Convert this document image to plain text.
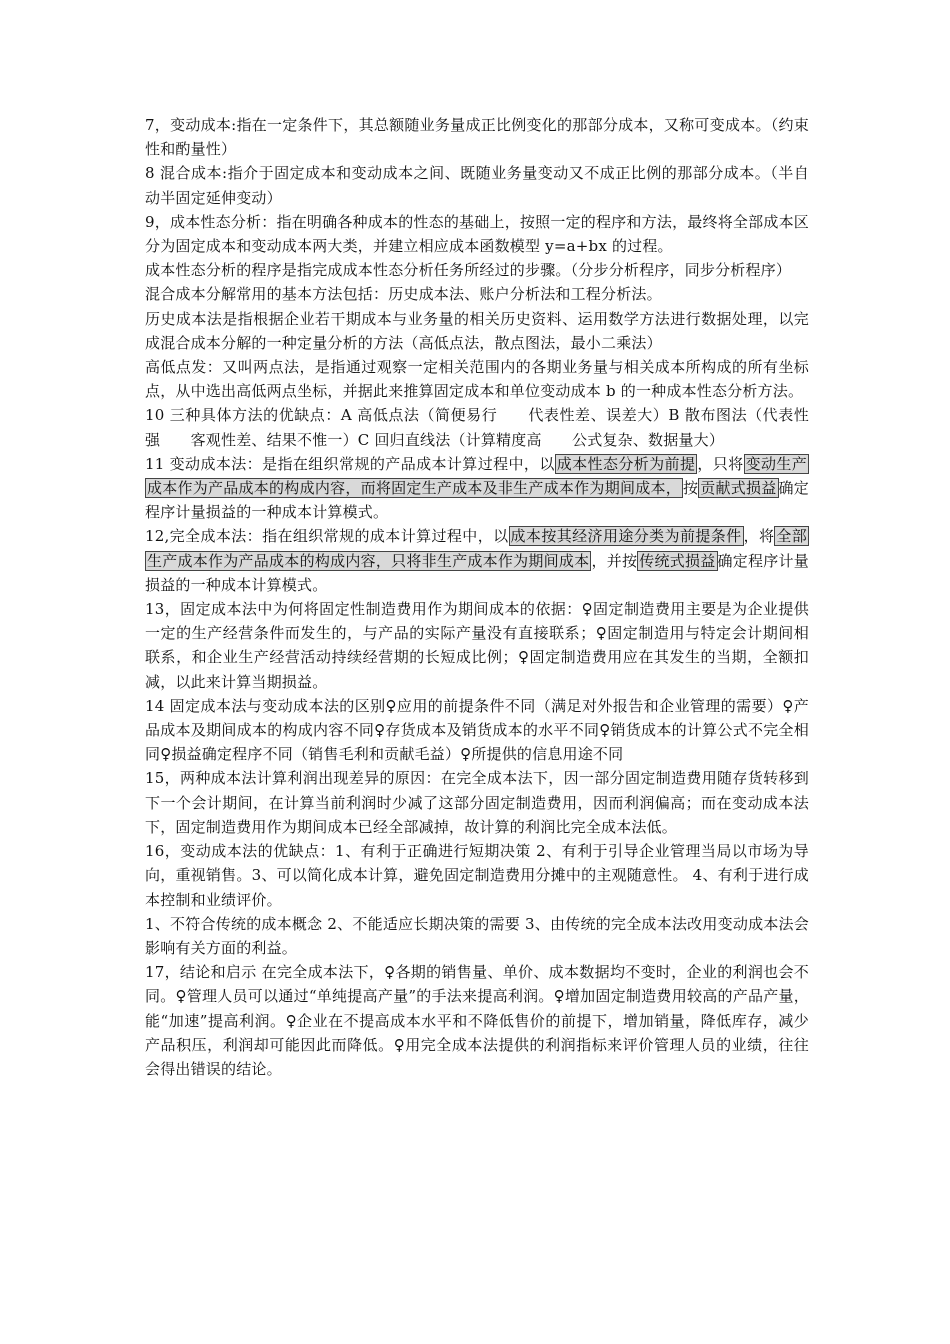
7，变动成本:指在一定条件下，其总额随业务量成正比例变化的那部分成本，又称可变成本。（约束性和酌量性）

8 混合成本:指介于固定成本和变动成本之间、既随业务量变动又不成正比例的那部分成本。（半自动半固定延伸变动）

9，成本性态分析：指在明确各种成本的性态的基础上，按照一定的程序和方法，最终将全部成本区分为固定成本和变动成本两大类，并建立相应成本函数模型 y=a+bx 的过程。

成本性态分析的程序是指完成成本性态分析任务所经过的步骤。（分步分析程序，同步分析程序）

混合成本分解常用的基本方法包括：历史成本法、账户分析法和工程分析法。

历史成本法是指根据企业若干期成本与业务量的相关历史资料、运用数学方法进行数据处理，以完成混合成本分解的一种定量分析的方法（高低点法，散点图法，最小二乘法）

高低点发：又叫两点法，是指通过观察一定相关范围内的各期业务量与相关成本所构成的所有坐标点，从中选出高低两点坐标，并据此来推算固定成本和单位变动成本 b 的一种成本性态分析方法。

10 三种具体方法的优缺点：A 高低点法（简便易行　　代表性差、误差大）B 散布图法（代表性强　　客观性差、结果不惟一）C 回归直线法（计算精度高　　公式复杂、数据量大）

11 变动成本法：是指在组织常规的产品成本计算过程中，以 成本性态分析为前提 ，只将 变动生产成本作为产品成本的构成内容，而将固定生产成本及非生产成本作为期间成本， 按 贡献式损益 确定程序计量损益的一种成本计算模式。

12,完全成本法：指在组织常规的成本计算过程中，以 成本按其经济用途分类为前提条件 ，将 全部生产成本作为产品成本的构成内容，只将非生产成本作为期间成本 ，并按 传统式损益 确定程序计量损益的一种成本计算模式。

13，固定成本法中为何将固定性制造费用作为期间成本的依据：♀固定制造费用主要是为企业提供一定的生产经营条件而发生的，与产品的实际产量没有直接联系；♀固定制造用与特定会计期间相联系，和企业生产经营活动持续经营期的长短成比例；♀固定制造费用应在其发生的当期，全额扣减，以此来计算当期损益。

14 固定成本法与变动成本法的区别♀应用的前提条件不同（满足对外报告和企业管理的需要）♀产品成本及期间成本的构成内容不同♀存货成本及销货成本的水平不同♀销货成本的计算公式不完全相同♀损益确定程序不同（销售毛利和贡献毛益）♀所提供的信息用途不同

15，两种成本法计算利润出现差异的原因：在完全成本法下，因一部分固定制造费用随存货转移到下一个会计期间，在计算当前利润时少减了这部分固定制造费用，因而利润偏高；而在变动成本法下，固定制造费用作为期间成本已经全部减掉，故计算的利润比完全成本法低。

16，变动成本法的优缺点：1、有利于正确进行短期决策 2、有利于引导企业管理当局以市场为导向，重视销售。3、可以简化成本计算，避免固定制造费用分摊中的主观随意性。 4、有利于进行成本控制和业绩评价。

1、不符合传统的成本概念 2、不能适应长期决策的需要 3、由传统的完全成本法改用变动成本法会影响有关方面的利益。

17，结论和启示 在完全成本法下，♀各期的销售量、单价、成本数据均不变时，企业的利润也会不同。♀管理人员可以通过“单纯提高产量”的手法来提高利润。♀增加固定制造费用较高的产品产量，能“加速”提高利润。♀企业在不提高成本水平和不降低售价的前提下，增加销量，降低库存，减少产品积压，利润却可能因此而降低。♀用完全成本法提供的利润指标来评价管理人员的业绩，往往会得出错误的结论。
